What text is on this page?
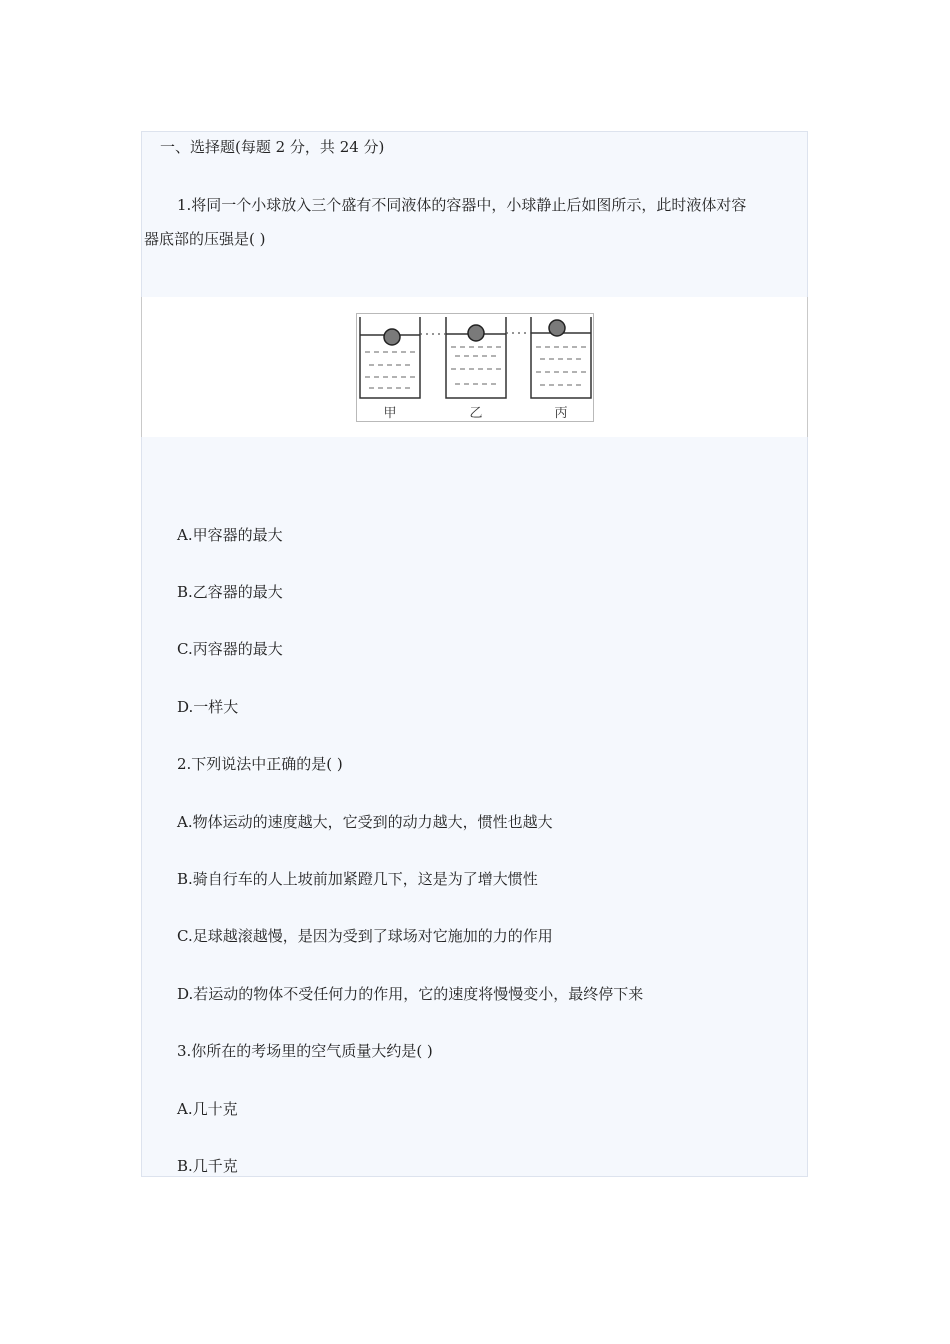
一、选择题(每题 2 分，共 24 分)
1.将同一个小球放入三个盛有不同液体的容器中，小球静止后如图所示，此时液体对容
器底部的压强是( )
甲	乙	丙
A.甲容器的最大
B.乙容器的最大
C.丙容器的最大
D.一样大
2.下列说法中正确的是( )
A.物体运动的速度越大，它受到的动力越大，惯性也越大
B.骑自行车的人上坡前加紧蹬几下，这是为了增大惯性
C.足球越滚越慢，是因为受到了球场对它施加的力的作用
D.若运动的物体不受任何力的作用，它的速度将慢慢变小，最终停下来
3.你所在的考场里的空气质量大约是( )
A.几十克
B.几千克
